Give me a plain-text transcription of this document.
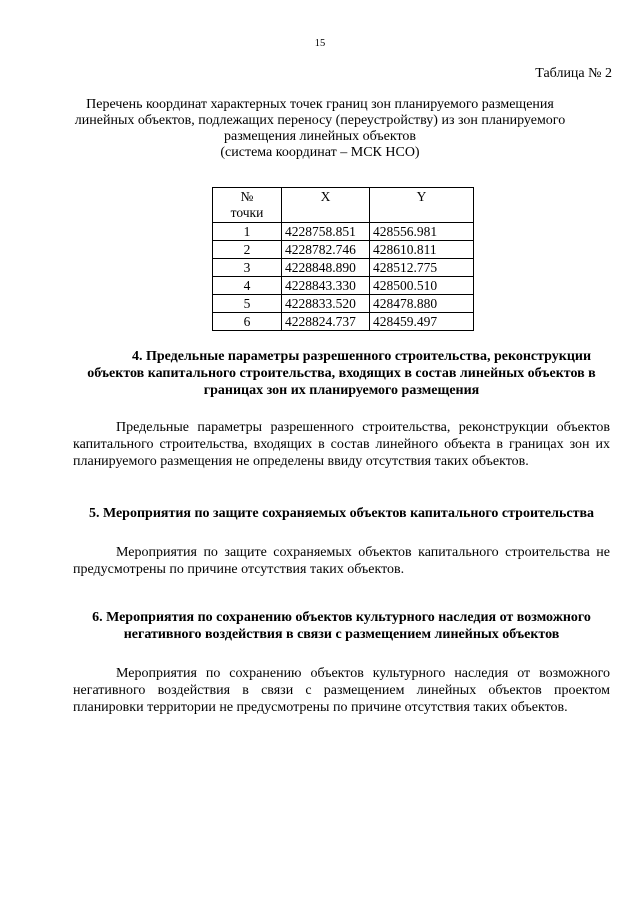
15
Таблица № 2
Перечень координат характерных точек границ зон планируемого размещения
линейных объектов, подлежащих переносу (переустройству) из зон планируемого
размещения линейных объектов
(система координат – МСК НСО)
№
точки	X	Y
1	4228758.851	428556.981
2	4228782.746	428610.811
3	4228848.890	428512.775
4	4228843.330	428500.510
5	4228833.520	428478.880
6	4228824.737	428459.497
4. Предельные параметры разрешенного строительства, реконструкции объектов капитального строительства, входящих в состав линейных объектов в границах зон их планируемого размещения

Предельные параметры разрешенного строительства, реконструкции объектов капитального строительства, входящих в состав линейного объекта в границах зон их планируемого размещения не определены ввиду отсутствия таких объектов.

5. Мероприятия по защите сохраняемых объектов капитального строительства

Мероприятия по защите сохраняемых объектов капитального строительства не предусмотрены по причине отсутствия таких объектов.

6. Мероприятия по сохранению объектов культурного наследия от возможного негативного воздействия в связи с размещением линейных объектов

Мероприятия по сохранению объектов культурного наследия от возможного негативного воздействия в связи с размещением линейных объектов проектом планировки территории не предусмотрены по причине отсутствия таких объектов.
